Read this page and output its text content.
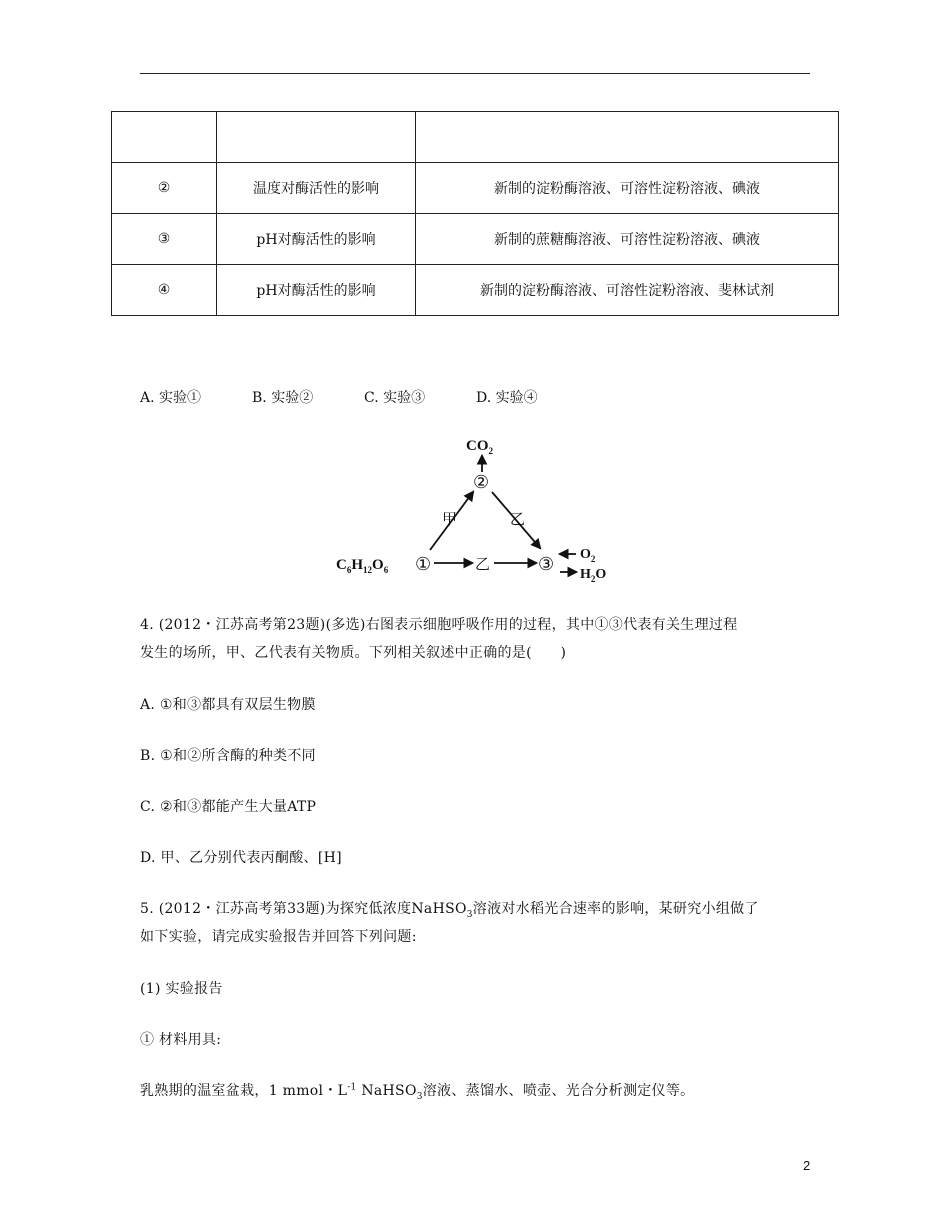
②	温度对酶活性的影响	新制的淀粉酶溶液、可溶性淀粉溶液、碘液
③	pH对酶活性的影响	新制的蔗糖酶溶液、可溶性淀粉溶液、碘液
④	pH对酶活性的影响	新制的淀粉酶溶液、可溶性淀粉溶液、斐林试剂
A. 实验①	B. 实验②	C. 实验③	D. 实验④
$CO_2$
②
①	③
甲	乙
乙
$C_6H_{12}O_6$
$O_2$
$H_2O$
4. (2012・江苏高考第23题)(多选)右图表示细胞呼吸作用的过程，其中①③代表有关生理过程
发生的场所，甲、乙代表有关物质。下列相关叙述中正确的是(　　)
A. ①和③都具有双层生物膜
B. ①和②所含酶的种类不同
C. ②和③都能产生大量ATP
D. 甲、乙分别代表丙酮酸、[H]
5. (2012・江苏高考第33题)为探究低浓度NaHSO$_3$溶液对水稻光合速率的影响，某研究小组做了
如下实验，请完成实验报告并回答下列问题:
(1) 实验报告
① 材料用具:
乳熟期的温室盆栽，1 mmol・$L^{-1}$ NaHSO$_3$溶液、蒸馏水、喷壶、光合分析测定仪等。
2
